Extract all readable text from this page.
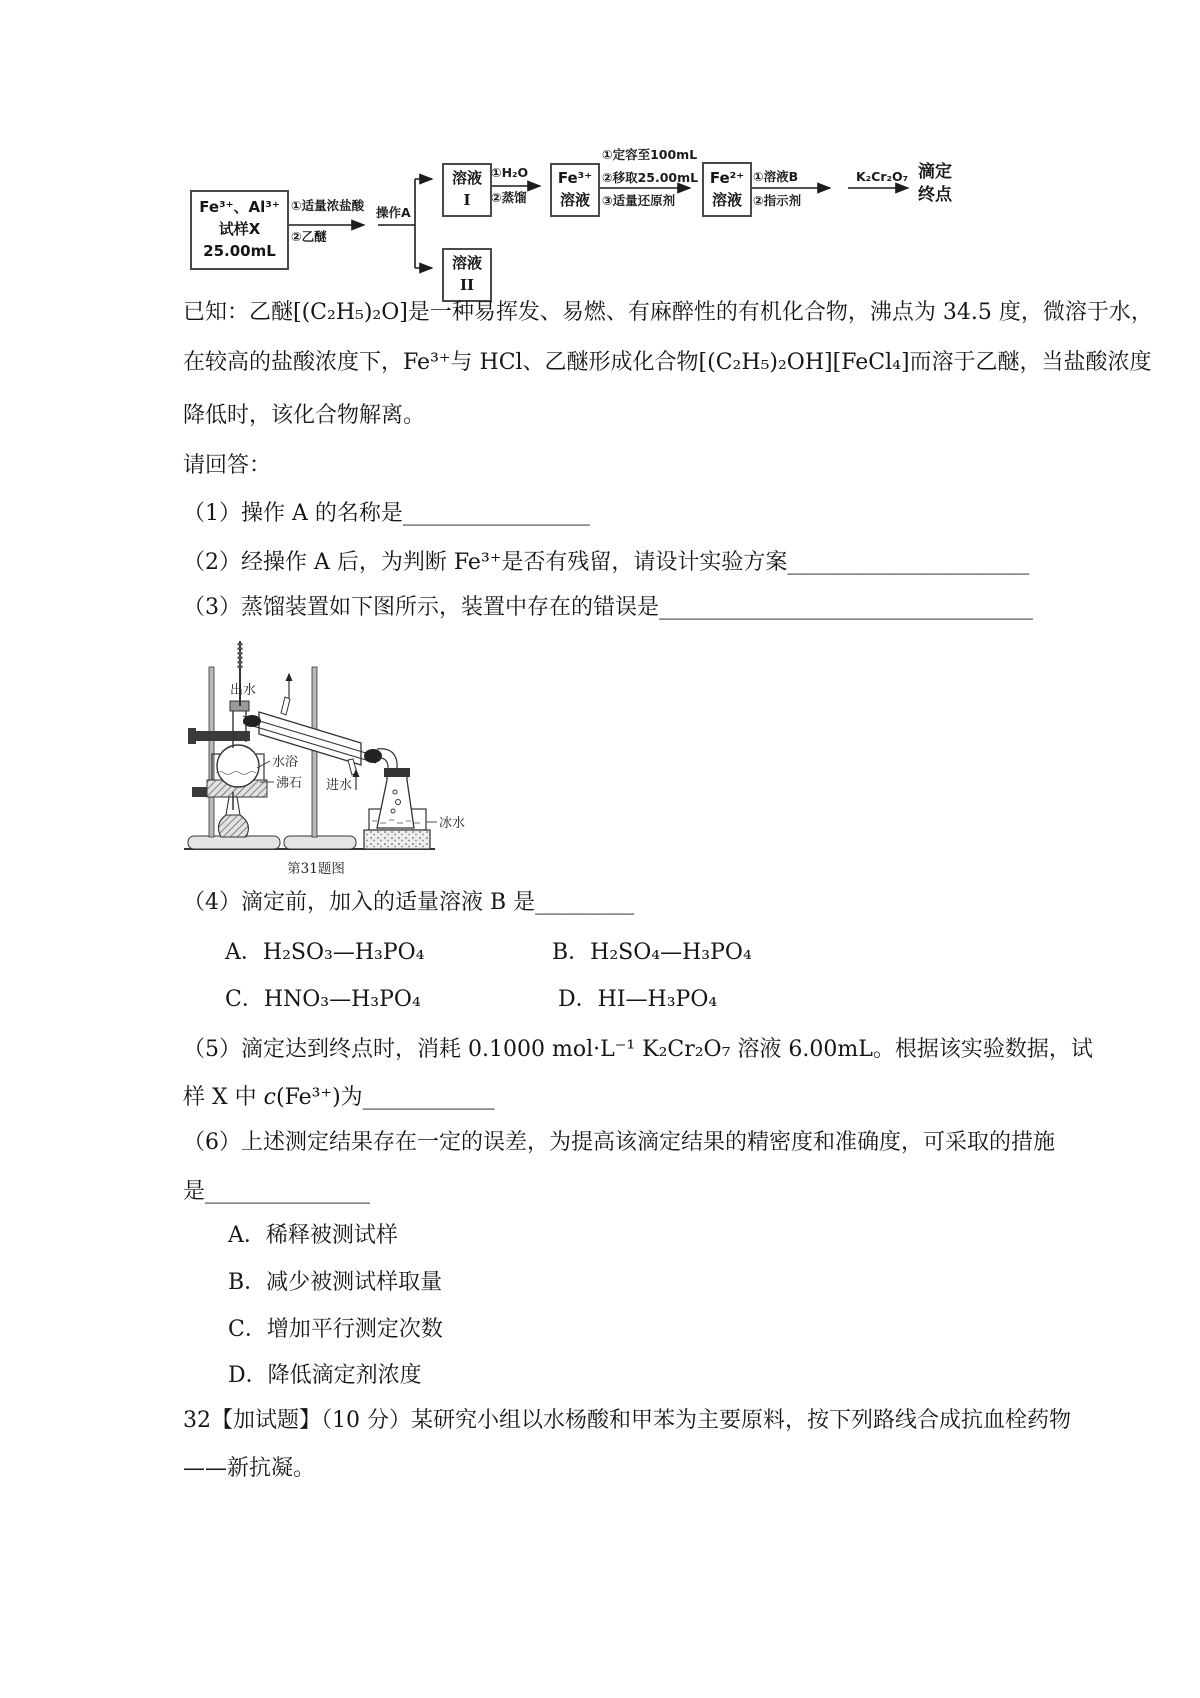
Fe³⁺、Al³⁺
试样X
25.00mL
溶液
I
溶液
II
Fe³⁺
溶液
Fe²⁺
溶液
①适量浓盐酸
②乙醚
操作A
①H₂O
②蒸馏
①定容至100mL
②移取25.00mL
③适量还原剂
①溶液B
②指示剂
K₂Cr₂O₇ 滴定
终点
已知：乙醚[(C₂H₅)₂O]是一种易挥发、易燃、有麻醉性的有机化合物，沸点为 34.5 度，微溶于水，
在较高的盐酸浓度下，Fe³⁺与 HCl、乙醚形成化合物[(C₂H₅)₂OH][FeCl₄]而溶于乙醚，当盐酸浓度
降低时，该化合物解离。
请回答：
（1）操作 A 的名称是_________________
（2）经操作 A 后，为判断 Fe³⁺是否有残留，请设计实验方案______________________
（3）蒸馏装置如下图所示，装置中存在的错误是__________________________________
出水
水浴
沸石 进水
冰水
第31题图
（4）滴定前，加入的适量溶液 B 是_________
A．H₂SO₃—H₃PO₄	B．H₂SO₄—H₃PO₄
C．HNO₃—H₃PO₄	D．HI—H₃PO₄
（5）滴定达到终点时，消耗 0.1000 mol·L⁻¹ K₂Cr₂O₇ 溶液 6.00mL。根据该实验数据，试
样 X 中 c(Fe³⁺)为____________
（6）上述测定结果存在一定的误差，为提高该滴定结果的精密度和准确度，可采取的措施
是_______________
A．稀释被测试样
B．减少被测试样取量
C．增加平行测定次数
D．降低滴定剂浓度
32【加试题】（10 分）某研究小组以水杨酸和甲苯为主要原料，按下列路线合成抗血栓药物
——新抗凝。
